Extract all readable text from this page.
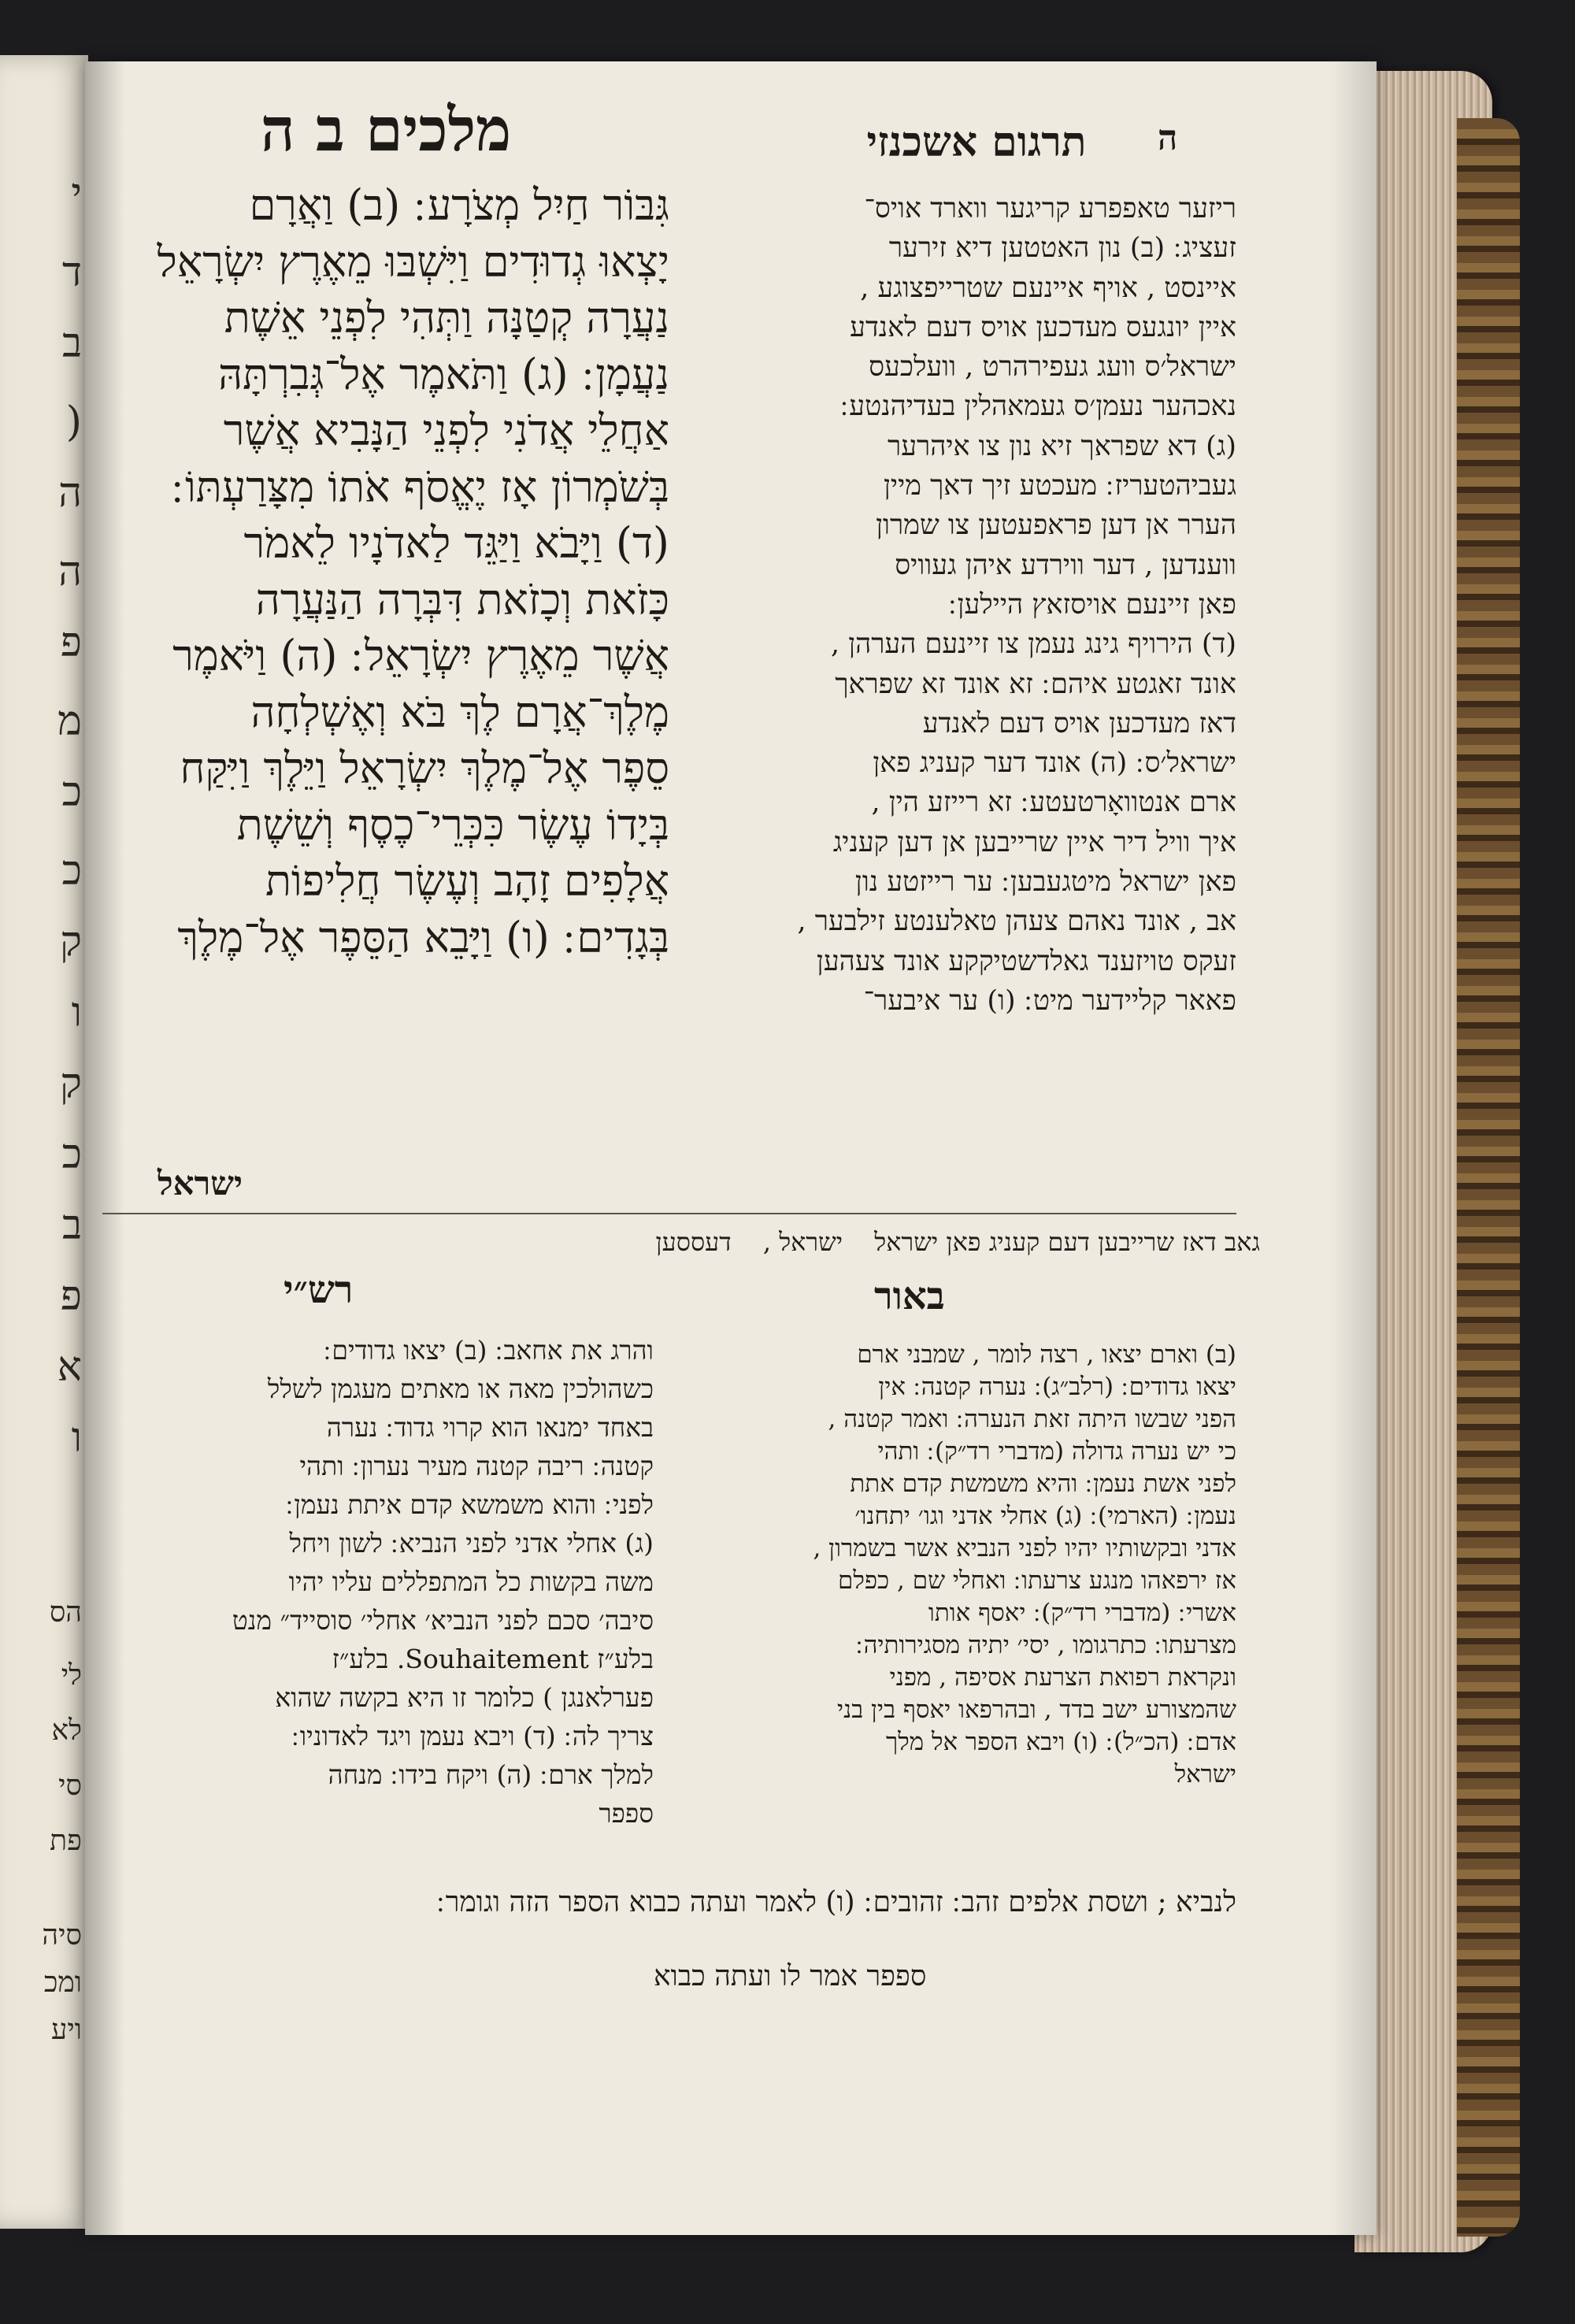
י
ד
ב
(
ה
ה
פ
מ
כ
כ
ק
ו
ק
כ
ב
פ
א
ו
הס
לי
לא
סי
פת
סיה
ומכ
ויע
מלכים ב ה	תרגום אשכנזי	ה
גִּבּוֹר חַיִל מְצֹרָע ׃ (ב) וַאֲרָם
יָצְאוּ גְדוּדִים וַיִּשְׁבּוּ מֵאֶרֶץ יִשְׂרָאֵל
נַעֲרָה קְטַנָּה וַתְּהִי לִפְנֵי אֵשֶׁת
נַעֲמָן ׃ (ג) וַתֹּאמֶר אֶל־גְּבִרְתָּהּ
אַחֲלֵי אֲדֹנִי לִפְנֵי הַנָּבִיא אֲשֶׁר
בְּשֹׁמְרוֹן אָז יֶאֱסֹף אֹתוֹ מִצָּרַעְתּוֹ ׃
(ד) וַיָּבֹא וַיַּגֵּד לַאדֹנָיו לֵאמֹר
כָּזֹאת וְכָזֹאת דִּבְּרָה הַנַּעֲרָה
אֲשֶׁר מֵאֶרֶץ יִשְׂרָאֵל ׃ (ה) וַיֹּאמֶר
מֶלֶךְ־אֲרָם לֶךְ בֹּא וְאֶשְׁלְחָה
סֵפֶר אֶל־מֶלֶךְ יִשְׂרָאֵל וַיֵּלֶךְ וַיִּקַּח
בְּיָדוֹ עֶשֶׂר כִּכְּרֵי־כֶסֶף וְשֵׁשֶׁת
אֲלָפִים זָהָב וְעֶשֶׂר חֲלִיפוֹת
בְּגָדִים ׃ (ו) וַיָּבֵא הַסֵּפֶר אֶל־מֶלֶךְ
ישראל
ריזער טאפפרע קריגער ווארד אויס־
זעציג ׃ (ב) נון האטטען דיא זירער
איינסט , אויף איינעם שטרייפצוגע ,
איין יונגעס מעדכען אויס דעם לאנדע
ישראל׳ס וועג געפירהרט , וועלכעס
נאכהער נעמן׳ס געמאהלין בעדיהנטע ׃
(ג) דא שפראך זיא נון צו איהרער
געביהטעריז ׃ מעכטע זיך דאך מיין
הערר אן דען פראפעטען צו שמרון
ווענדען , דער ווירדע איהן געוויס
פאן זיינעם אויסזאץ היילען ׃
(ד) הירויף גינג נעמן צו זיינעם הערהן ,
אונד זאגטע איהם ׃ זא אונד זא שפראך
דאז מעדכען אויס דעם לאנדע
ישראל׳ס ׃ (ה) אונד דער קעניג פאן
ארם אנטוואָרטעטע ׃ זא רייזע הין ,
איך וויל דיר איין שרייבען אן דען קעניג
פאן ישראל מיטגעבען ׃ ער רייזטע נון
אב , אונד נאהם צעהן טאלענטע זילבער ,
זעקס טויזענד גאלדשטיקקע אונד צעהען
פאאר קליידער מיט ׃ (ו) ער איבער־
גאב דאז שרייבען דעם קעניג פאן ישראל ישראל , דעססען
רש״י	באור
והרג את אחאב ׃ (ב) יצאו גדודים ׃
כשהולכין מאה או מאתים מעגמן לשלל
באחד ימנאו הוא קרוי גדוד ׃ נערה
קטנה ׃ ריבה קטנה מעיר נערון ׃ ותהי
לפני ׃ והוא משמשא קדם איתת נעמן ׃
(ג) אחלי אדני לפני הנביא ׃ לשון ויחל
משה בקשות כל המתפללים עליו יהיו
סיבה׳ סכם לפני הנביא׳ אחלי׳ סוסייד״ מנט
בלע״ז Souhaitement. בלע״ז
פערלאנגן ) כלומר זו היא בקשה שהוא
צריך לה ׃ (ד) ויבא נעמן ויגד לאדוניו ׃
למלך ארם ׃ (ה) ויקח בידו ׃ מנחה
ספפר
(ב) וארם יצאו , רצה לומר , שמבני ארם
יצאו גדודים ׃ (רלב״ג) ׃ נערה קטנה ׃ אין
הפני שבשו היתה זאת הנערה ׃ ואמר קטנה ,
כי יש נערה גדולה (מדברי רד״ק) ׃ ותהי
לפני אשת נעמן ׃ והיא משמשת קדם אתת
נעמן ׃ (הארמי) ׃ (ג) אחלי אדני וגו׳ יתחנו׳
אדני ובקשותיו יהיו לפני הנביא אשר בשמרון ,
אז ירפאהו מנגע צרעתו ׃ ואחלי שם , כפלם
אשרי ׃ (מדברי רד״ק) ׃ יאסף אותו
מצרעתו ׃ כתרגומו , יסי׳ יתיה מסגירותיה ׃
ונקראת רפואת הצרעת אסיפה , מפני
שהמצורע ישב בדד , ובהרפאו יאסף בין בני
אדם ׃ (הכ״ל) ׃ (ו) ויבא הספר אל מלך
ישראל
לנביא ; ושסת אלפים זהב ׃ זהובים ׃ (ו) לאמר ועתה כבוא הספר הזה וגומר ׃
ספפר אמר לו ועתה כבוא
